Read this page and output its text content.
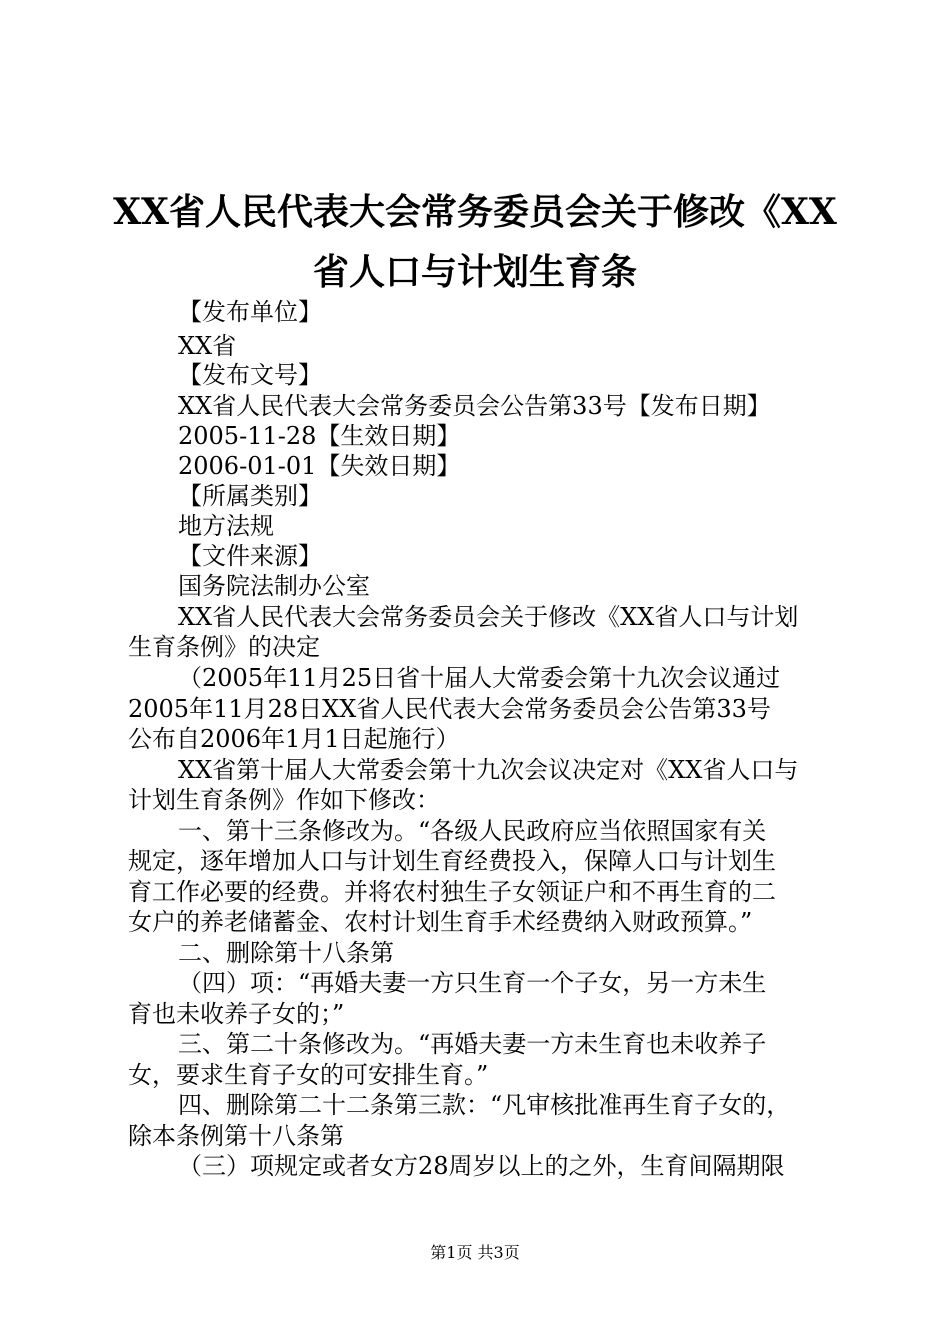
XX省人民代表大会常务委员会关于修改《XX
省人口与计划生育条
【发布单位】
XX省
【发布文号】
XX省人民代表大会常务委员会公告第33号【发布日期】
2005-11-28【生效日期】
2006-01-01【失效日期】
【所属类别】
地方法规
【文件来源】
国务院法制办公室
XX省人民代表大会常务委员会关于修改《XX省人口与计划
生育条例》的决定
（2005年11月25日省十届人大常委会第十九次会议通过
2005年11月28日XX省人民代表大会常务委员会公告第33号
公布自2006年1月1日起施行）
XX省第十届人大常委会第十九次会议决定对《XX省人口与
计划生育条例》作如下修改：
一、第十三条修改为。“各级人民政府应当依照国家有关
规定，逐年增加人口与计划生育经费投入，保障人口与计划生
育工作必要的经费。并将农村独生子女领证户和不再生育的二
女户的养老储蓄金、农村计划生育手术经费纳入财政预算。”
二、删除第十八条第
（四）项：“再婚夫妻一方只生育一个子女，另一方未生
育也未收养子女的；”
三、第二十条修改为。“再婚夫妻一方未生育也未收养子
女，要求生育子女的可安排生育。”
四、删除第二十二条第三款：“凡审核批准再生育子女的，
除本条例第十八条第
（三）项规定或者女方28周岁以上的之外，生育间隔期限
第1页 共3页
